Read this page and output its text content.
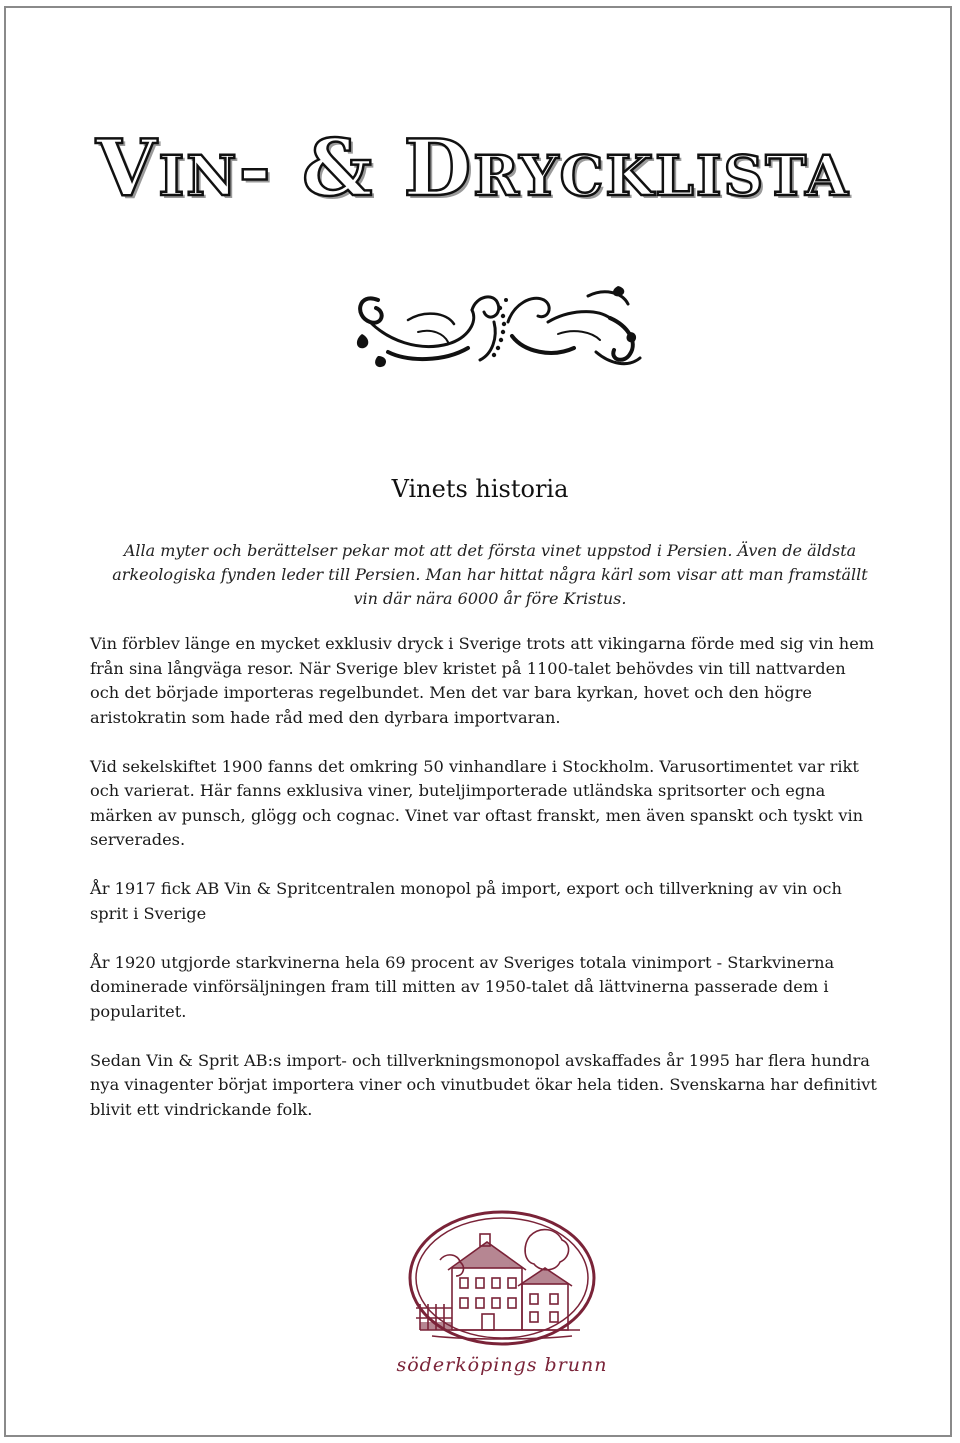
Vin- & Drycklista
Vinets historia

Alla myter och berättelser pekar mot att det första vinet uppstod i Persien. Även de äldsta arkeologiska fynden leder till Persien. Man har hittat några kärl som visar att man framställt vin där nära 6000 år före Kristus.

Vin förblev länge en mycket exklusiv dryck i Sverige trots att vikingarna förde med sig vin hem från sina långväga resor. När Sverige blev kristet på 1100-talet behövdes vin till nattvarden och det började importeras regelbundet. Men det var bara kyrkan, hovet och den högre aristokratin som hade råd med den dyrbara importvaran.

Vid sekelskiftet 1900 fanns det omkring 50 vinhandlare i Stockholm. Varusortimentet var rikt och varierat. Här fanns exklusiva viner, buteljimporterade utländska spritsorter och egna märken av punsch, glögg och cognac. Vinet var oftast franskt, men även spanskt och tyskt vin serverades.

År 1917 fick AB Vin & Spritcentralen monopol på import, export och tillverkning av vin och sprit i Sverige

År 1920 utgjorde starkvinerna hela 69 procent av Sveriges totala vinimport - Starkvinerna dominerade vinförsäljningen fram till mitten av 1950-talet då lättvinerna passerade dem i popularitet.

Sedan Vin & Sprit AB:s import- och tillverkningsmonopol avskaffades år 1995 har flera hundra nya vinagenter börjat importera viner och vinutbudet ökar hela tiden. Svenskarna har definitivt blivit ett vindrickande folk.

söderköpings brunn
